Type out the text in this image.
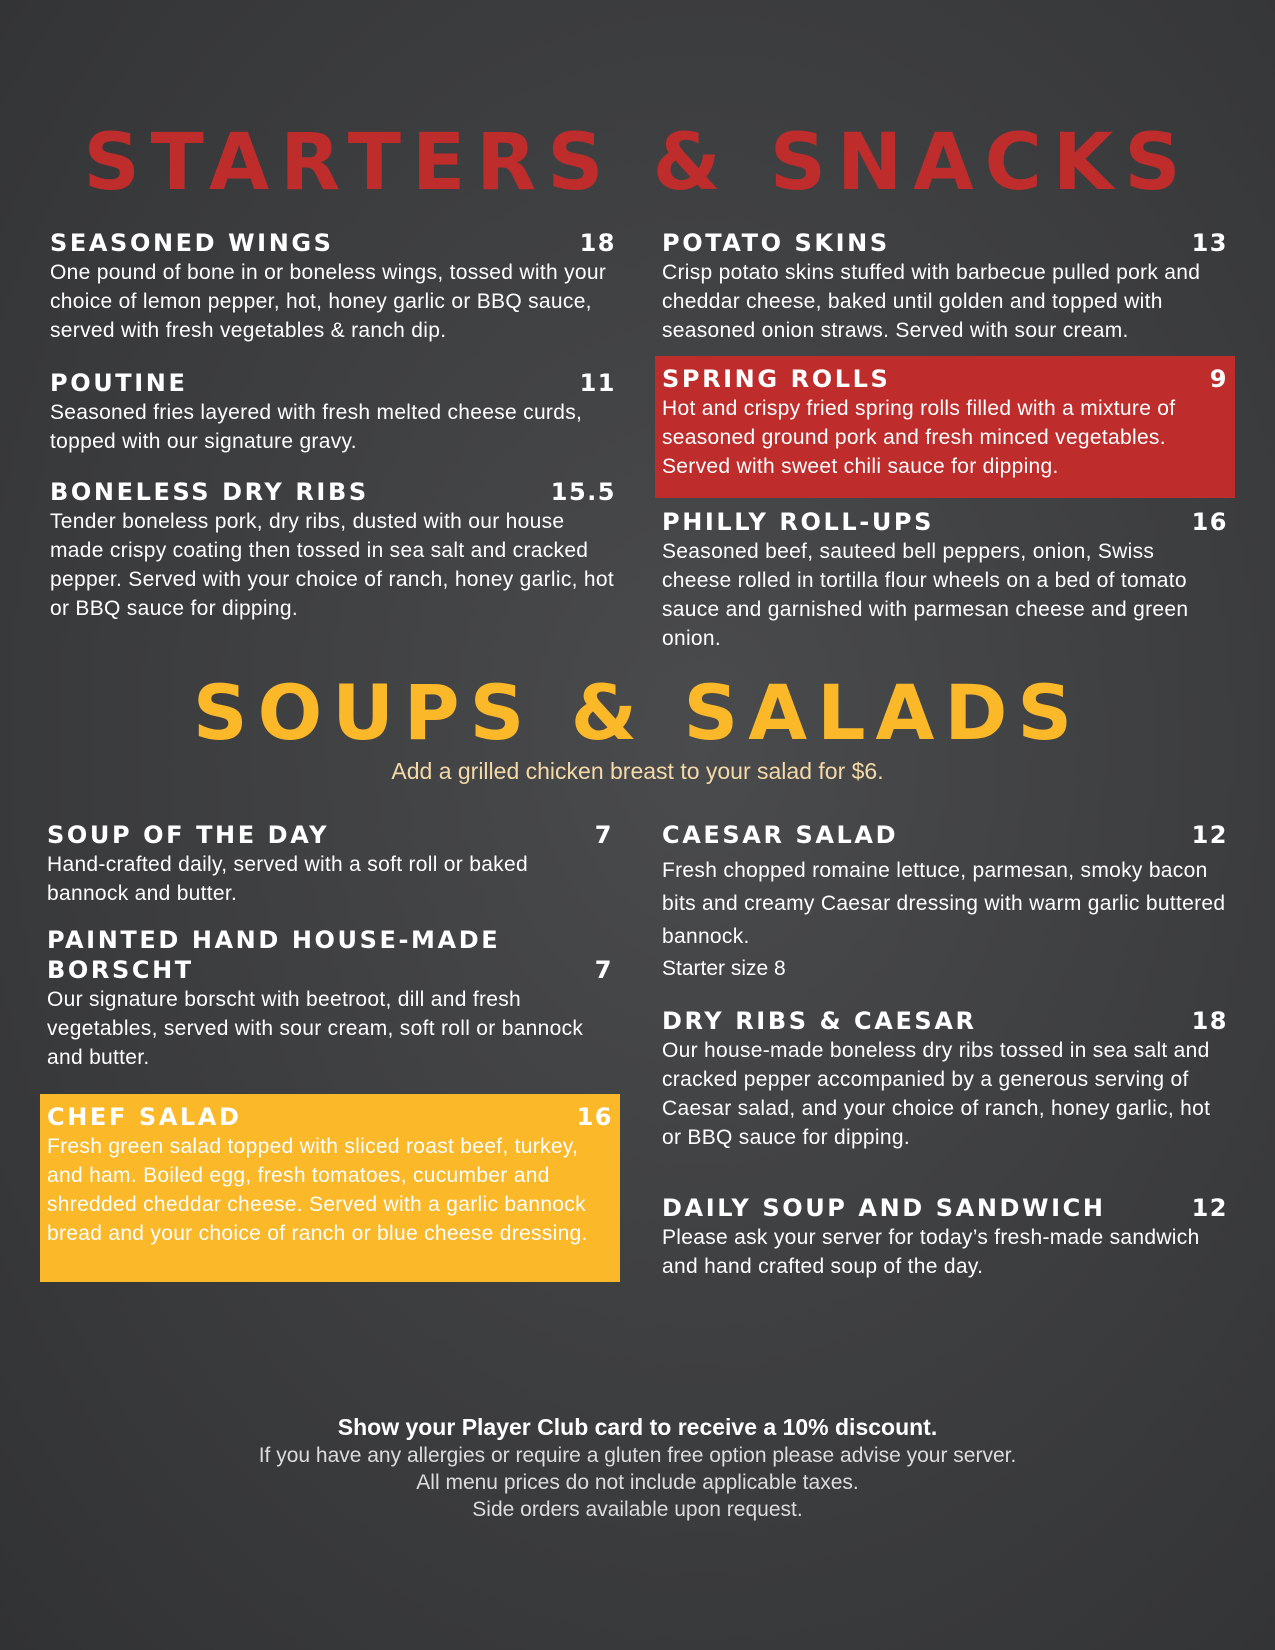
STARTERS & SNACKS
SEASONED WINGS	18

One pound of bone in or boneless wings, tossed with your choice of lemon pepper, hot, honey garlic or BBQ sauce, served with fresh vegetables & ranch dip.

POUTINE	11

Seasoned fries layered with fresh melted cheese curds, topped with our signature gravy.

BONELESS DRY RIBS	15.5

Tender boneless pork, dry ribs, dusted with our house made crispy coating then tossed in sea salt and cracked pepper. Served with your choice of ranch, honey garlic, hot or BBQ sauce for dipping.

POTATO SKINS	13

Crisp potato skins stuffed with barbecue pulled pork and cheddar cheese, baked until golden and topped with seasoned onion straws. Served with sour cream.

SPRING ROLLS	9

Hot and crispy fried spring rolls filled with a mixture of seasoned ground pork and fresh minced vegetables. Served with sweet chili sauce for dipping.

PHILLY ROLL-UPS	16

Seasoned beef, sauteed bell peppers, onion, Swiss cheese rolled in tortilla flour wheels on a bed of tomato sauce and garnished with parmesan cheese and green onion.

SOUPS & SALADS
Add a grilled chicken breast to your salad for $6.
SOUP OF THE DAY	7

Hand-crafted daily, served with a soft roll or baked bannock and butter.

PAINTED HAND HOUSE-MADE BORSCHT	7

Our signature borscht with beetroot, dill and fresh vegetables, served with sour cream, soft roll or bannock and butter.

CHEF SALAD	16

Fresh green salad topped with sliced roast beef, turkey, and ham. Boiled egg, fresh tomatoes, cucumber and shredded cheddar cheese. Served with a garlic bannock bread and your choice of ranch or blue cheese dressing.

CAESAR SALAD	12

Fresh chopped romaine lettuce, parmesan, smoky bacon bits and creamy Caesar dressing with warm garlic buttered bannock.

Starter size 8
DRY RIBS & CAESAR	18

Our house-made boneless dry ribs tossed in sea salt and cracked pepper accompanied by a generous serving of Caesar salad, and your choice of ranch, honey garlic, hot or BBQ sauce for dipping.

DAILY SOUP AND SANDWICH	12

Please ask your server for today’s fresh-made sandwich and hand crafted soup of the day.

Show your Player Club card to receive a 10% discount.
If you have any allergies or require a gluten free option please advise your server.
All menu prices do not include applicable taxes.
Side orders available upon request.
